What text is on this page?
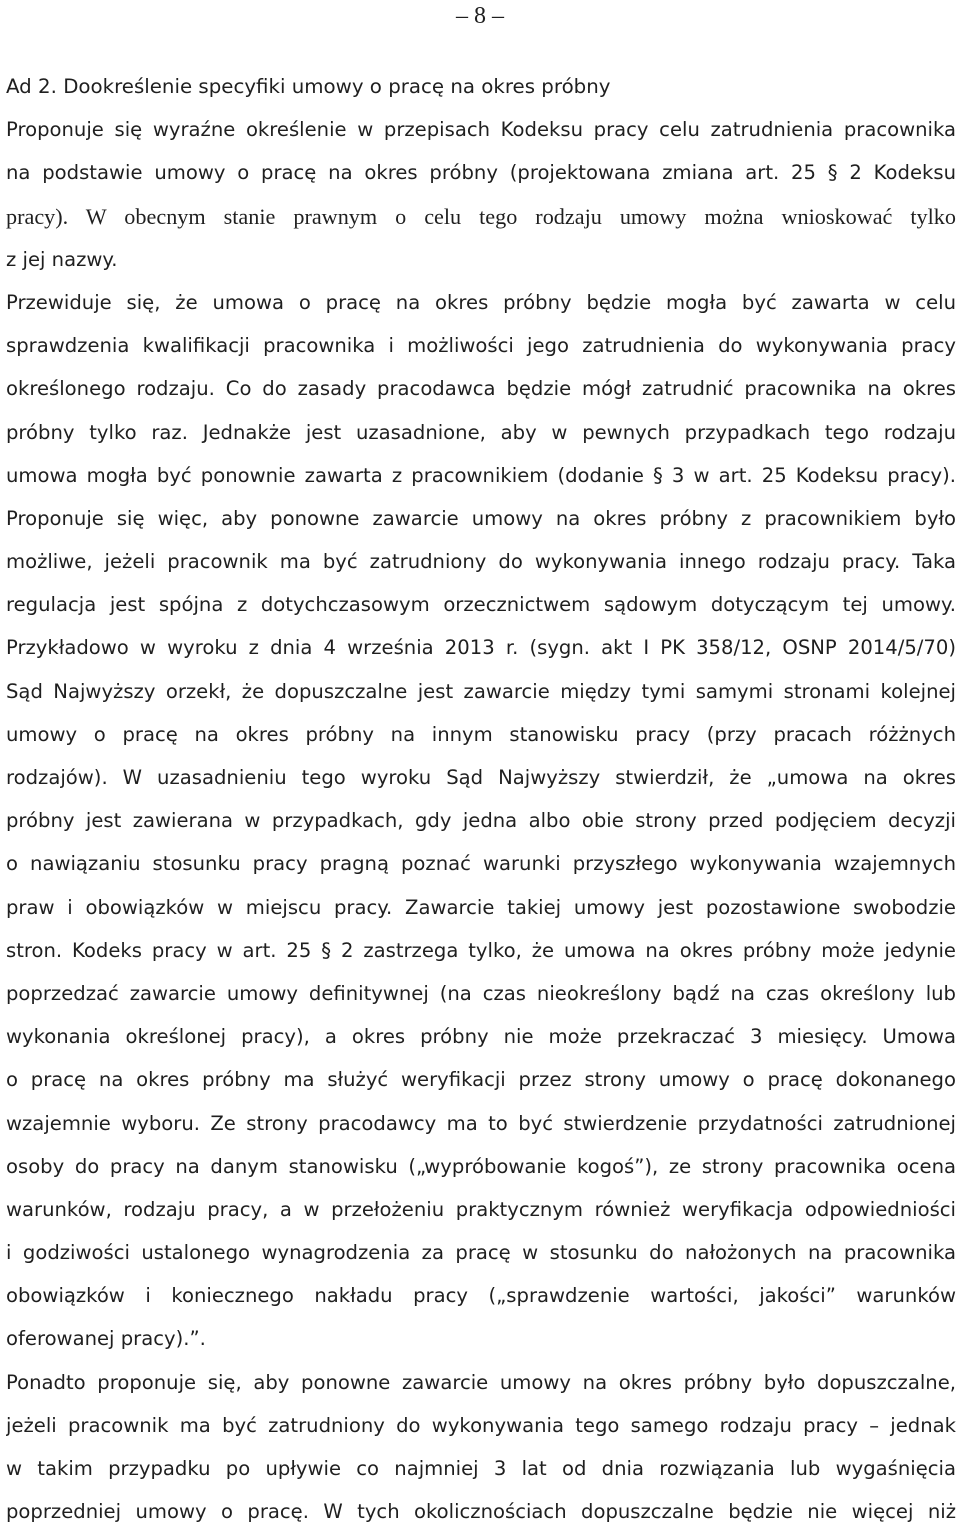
– 8 –
Ad 2. Dookreślenie specyfiki umowy o pracę na okres próbny
Proponuje się wyraźne określenie w przepisach Kodeksu pracy celu zatrudnienia pracownika
na podstawie umowy o pracę na okres próbny (projektowana zmiana art. 25 § 2 Kodeksu
pracy). W obecnym stanie prawnym o celu tego rodzaju umowy można wnioskować tylko
z jej nazwy.
Przewiduje się, że umowa o pracę na okres próbny będzie mogła być zawarta w celu
sprawdzenia kwalifikacji pracownika i możliwości jego zatrudnienia do wykonywania pracy
określonego rodzaju. Co do zasady pracodawca będzie mógł zatrudnić pracownika na okres
próbny tylko raz. Jednakże jest uzasadnione, aby w pewnych przypadkach tego rodzaju
umowa mogła być ponownie zawarta z pracownikiem (dodanie § 3 w art. 25 Kodeksu pracy).
Proponuje się więc, aby ponowne zawarcie umowy na okres próbny z pracownikiem było
możliwe, jeżeli pracownik ma być zatrudniony do wykonywania innego rodzaju pracy. Taka
regulacja jest spójna z dotychczasowym orzecznictwem sądowym dotyczącym tej umowy.
Przykładowo w wyroku z dnia 4 września 2013 r. (sygn. akt I PK 358/12, OSNP 2014/5/70)
Sąd Najwyższy orzekł, że dopuszczalne jest zawarcie między tymi samymi stronami kolejnej
umowy o pracę na okres próbny na innym stanowisku pracy (przy pracach różżnych
rodzajów). W uzasadnieniu tego wyroku Sąd Najwyższy stwierdził, że „umowa na okres
próbny jest zawierana w przypadkach, gdy jedna albo obie strony przed podjęciem decyzji
o nawiązaniu stosunku pracy pragną poznać warunki przyszłego wykonywania wzajemnych
praw i obowiązków w miejscu pracy. Zawarcie takiej umowy jest pozostawione swobodzie
stron. Kodeks pracy w art. 25 § 2 zastrzega tylko, że umowa na okres próbny może jedynie
poprzedzać zawarcie umowy definitywnej (na czas nieokreślony bądź na czas określony lub
wykonania określonej pracy), a okres próbny nie może przekraczać 3 miesięcy. Umowa
o pracę na okres próbny ma służyć weryfikacji przez strony umowy o pracę dokonanego
wzajemnie wyboru. Ze strony pracodawcy ma to być stwierdzenie przydatności zatrudnionej
osoby do pracy na danym stanowisku („wypróbowanie kogoś”), ze strony pracownika ocena
warunków, rodzaju pracy, a w przełożeniu praktycznym również weryfikacja odpowiedniości
i godziwości ustalonego wynagrodzenia za pracę w stosunku do nałożonych na pracownika
obowiązków i koniecznego nakładu pracy („sprawdzenie wartości, jakości” warunków
oferowanej pracy).”.
Ponadto proponuje się, aby ponowne zawarcie umowy na okres próbny było dopuszczalne,
jeżeli pracownik ma być zatrudniony do wykonywania tego samego rodzaju pracy – jednak
w takim przypadku po upływie co najmniej 3 lat od dnia rozwiązania lub wygaśnięcia
poprzedniej umowy o pracę. W tych okolicznościach dopuszczalne będzie nie więcej niż
